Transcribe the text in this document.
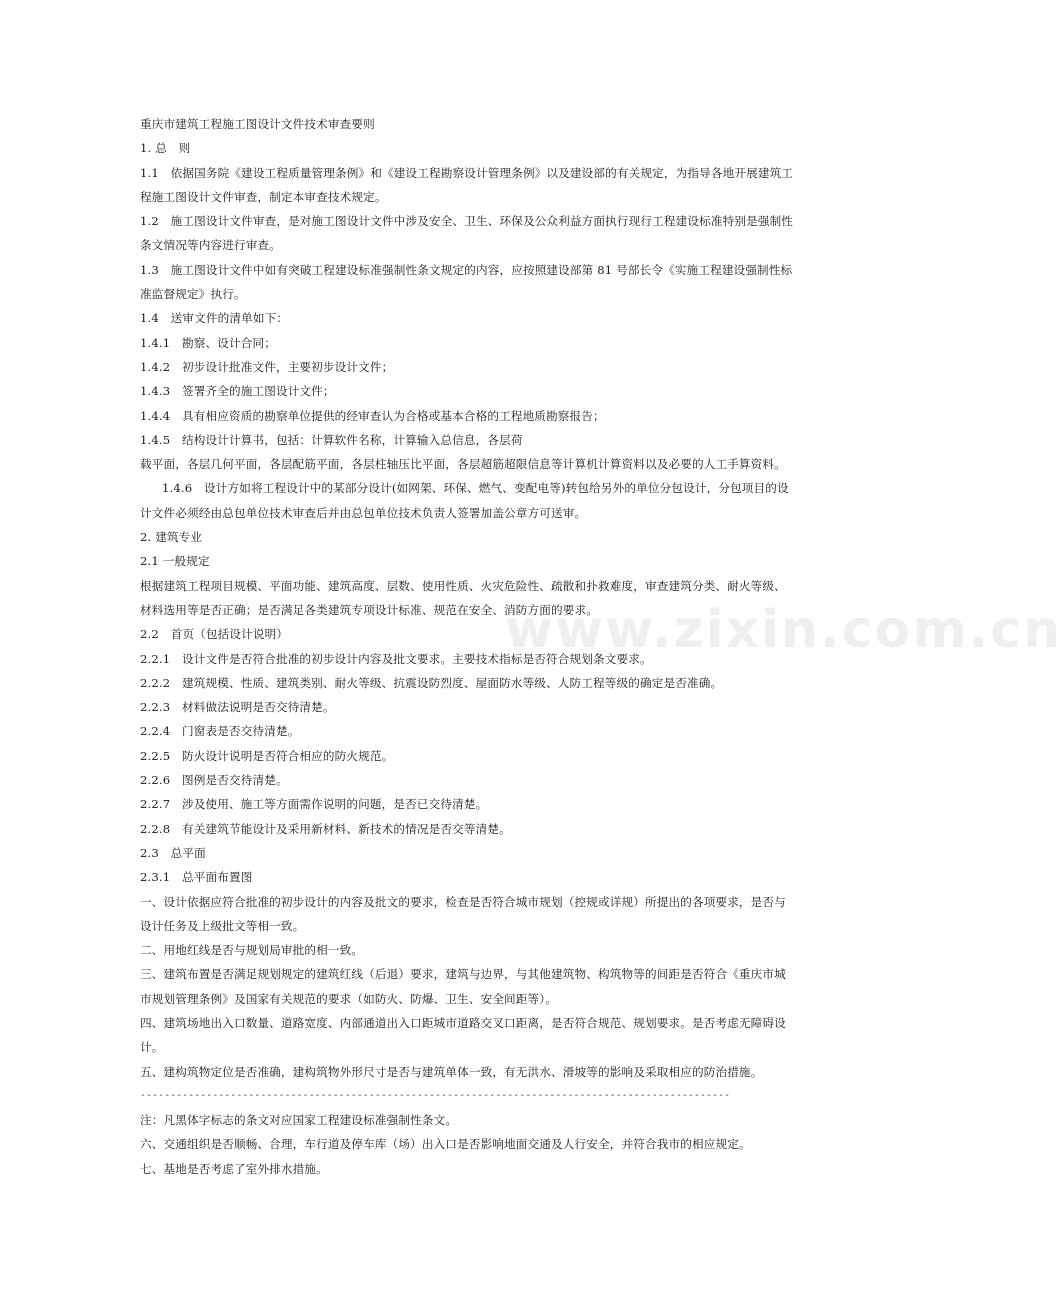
重庆市建筑工程施工图设计文件技术审查要则
1. 总　则
1.1　依据国务院《建设工程质量管理条例》和《建设工程勘察设计管理条例》以及建设部的有关规定，为指导各地开展建筑工
程施工图设计文件审查，制定本审查技术规定。
1.2　施工图设计文件审查，是对施工图设计文件中涉及安全、卫生、环保及公众利益方面执行现行工程建设标准特别是强制性
条文情况等内容进行审查。
1.3　施工图设计文件中如有突破工程建设标准强制性条文规定的内容，应按照建设部第 81 号部长令《实施工程建设强制性标
准监督规定》执行。
1.4　送审文件的清单如下：
1.4.1　勘察、设计合同；
1.4.2　初步设计批准文件，主要初步设计文件；
1.4.3　签署齐全的施工图设计文件；
1.4.4　具有相应资质的勘察单位提供的经审查认为合格或基本合格的工程地质勘察报告；
1.4.5　结构设计计算书，包括：计算软件名称，计算输入总信息，各层荷
载平面，各层几何平面，各层配筋平面，各层柱轴压比平面，各层超筋超限信息等计算机计算资料以及必要的人工手算资料。
1.4.6　设计方如将工程设计中的某部分设计(如网架、环保、燃气、变配电等)转包给另外的单位分包设计，分包项目的设
计文件必须经由总包单位技术审查后并由总包单位技术负责人签署加盖公章方可送审。
2. 建筑专业
2.1 一般规定
根据建筑工程项目规模、平面功能、建筑高度、层数、使用性质、火灾危险性、疏散和扑救难度，审查建筑分类、耐火等级、
材料选用等是否正确；是否满足各类建筑专项设计标准、规范在安全、消防方面的要求。
2.2　首页（包括设计说明）
2.2.1　设计文件是否符合批准的初步设计内容及批文要求。主要技术指标是否符合规划条文要求。
2.2.2　建筑规模、性质、建筑类别、耐火等级、抗震设防烈度、屋面防水等级、人防工程等级的确定是否准确。
2.2.3　材料做法说明是否交待清楚。
2.2.4　门窗表是否交待清楚。
2.2.5　防火设计说明是否符合相应的防火规范。
2.2.6　图例是否交待清楚。
2.2.7　涉及使用、施工等方面需作说明的问题，是否已交待清楚。
2.2.8　有关建筑节能设计及采用新材料、新技术的情况是否交等清楚。
2.3　总平面
2.3.1　总平面布置图
一、设计依据应符合批准的初步设计的内容及批文的要求，检查是否符合城市规划（控规或详规）所提出的各项要求，是否与
设计任务及上级批文等相一致。
二、用地红线是否与规划局审批的相一致。
三、建筑布置是否满足规划规定的建筑红线（后退）要求，建筑与边界，与其他建筑物、构筑物等的间距是否符合《重庆市城
市规划管理条例》及国家有关规范的要求（如防火、防爆、卫生、安全间距等）。
四、建筑场地出入口数量、道路宽度、内部通道出入口距城市道路交叉口距离，是否符合规范、规划要求。是否考虑无障碍设
计。
五、建构筑物定位是否准确，建构筑物外形尺寸是否与建筑单体一致，有无洪水、滑坡等的影响及采取相应的防治措施。
--------------------------------------------------------------------------------------------------
注：凡黑体字标志的条文对应国家工程建设标准强制性条文。
六、交通组织是否顺畅、合理，车行道及停车库（场）出入口是否影响地面交通及人行安全，并符合我市的相应规定。
七、基地是否考虑了室外排水措施。
www.zixin.com.cn
